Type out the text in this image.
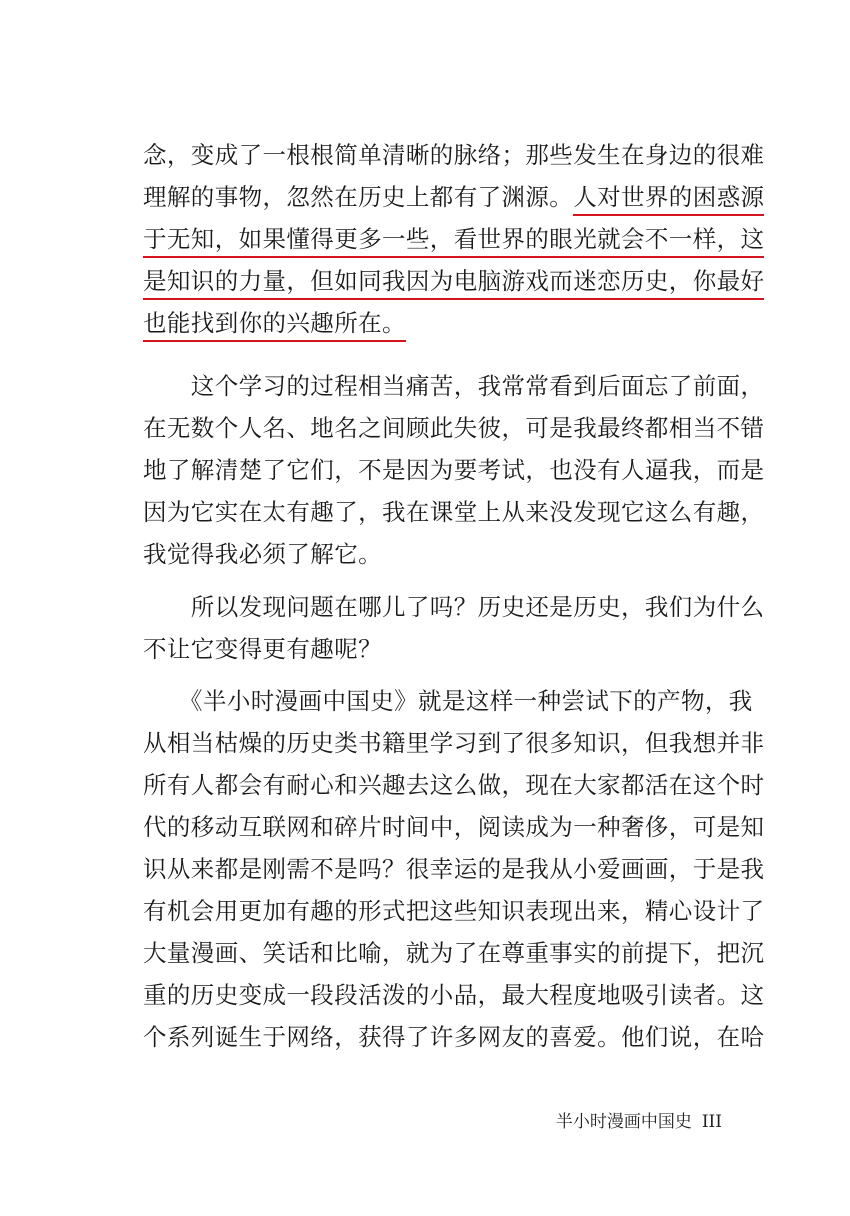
念，变成了一根根简单清晰的脉络；那些发生在身边的很难
理解的事物，忽然在历史上都有了渊源。人对世界的困惑源
于无知，如果懂得更多一些，看世界的眼光就会不一样，这
是知识的力量，但如同我因为电脑游戏而迷恋历史，你最好
也能找到你的兴趣所在。
　　这个学习的过程相当痛苦，我常常看到后面忘了前面，
在无数个人名、地名之间顾此失彼，可是我最终都相当不错
地了解清楚了它们，不是因为要考试，也没有人逼我，而是
因为它实在太有趣了，我在课堂上从来没发现它这么有趣，
我觉得我必须了解它。
　　所以发现问题在哪儿了吗？历史还是历史，我们为什么
不让它变得更有趣呢？
　　《半小时漫画中国史》就是这样一种尝试下的产物，我
从相当枯燥的历史类书籍里学习到了很多知识，但我想并非
所有人都会有耐心和兴趣去这么做，现在大家都活在这个时
代的移动互联网和碎片时间中，阅读成为一种奢侈，可是知
识从来都是刚需不是吗？很幸运的是我从小爱画画，于是我
有机会用更加有趣的形式把这些知识表现出来，精心设计了
大量漫画、笑话和比喻，就为了在尊重事实的前提下，把沉
重的历史变成一段段活泼的小品，最大程度地吸引读者。这
个系列诞生于网络，获得了许多网友的喜爱。他们说，在哈
半小时漫画中国史 III
